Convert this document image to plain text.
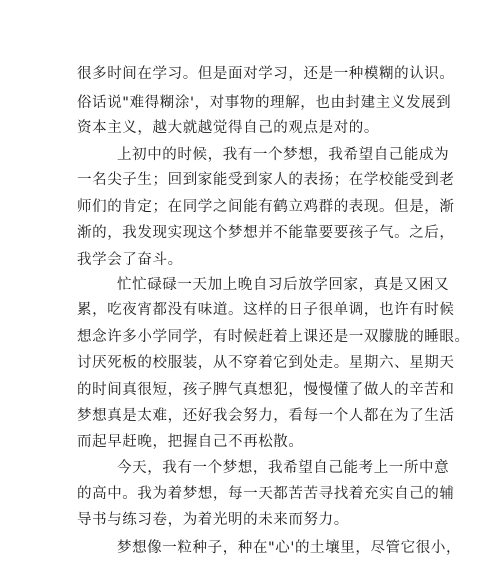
很多时间在学习。但是面对学习，还是一种模糊的认识。
俗话说"难得糊涂'，对事物的理解，也由封建主义发展到
资本主义，越大就越觉得自己的观点是对的。
上初中的时候，我有一个梦想，我希望自己能成为
一名尖子生；回到家能受到家人的表扬；在学校能受到老
师们的肯定；在同学之间能有鹤立鸡群的表现。但是，渐
渐的，我发现实现这个梦想并不能靠要要孩子气。之后，
我学会了奋斗。
忙忙碌碌一天加上晚自习后放学回家，真是又困又
累，吃夜宵都没有味道。这样的日子很单调，也许有时候
想念许多小学同学，有时候赶着上课还是一双朦胧的睡眼。
讨厌死板的校服装，从不穿着它到处走。星期六、星期天
的时间真很短，孩子脾气真想犯，慢慢懂了做人的辛苦和
梦想真是太难，还好我会努力，看每一个人都在为了生活
而起早赶晚，把握自己不再松散。
今天，我有一个梦想，我希望自己能考上一所中意
的高中。我为着梦想，每一天都苦苦寻找着充实自己的辅
导书与练习卷，为着光明的未来而努力。
梦想像一粒种子，种在"心'的土壤里，尽管它很小，
